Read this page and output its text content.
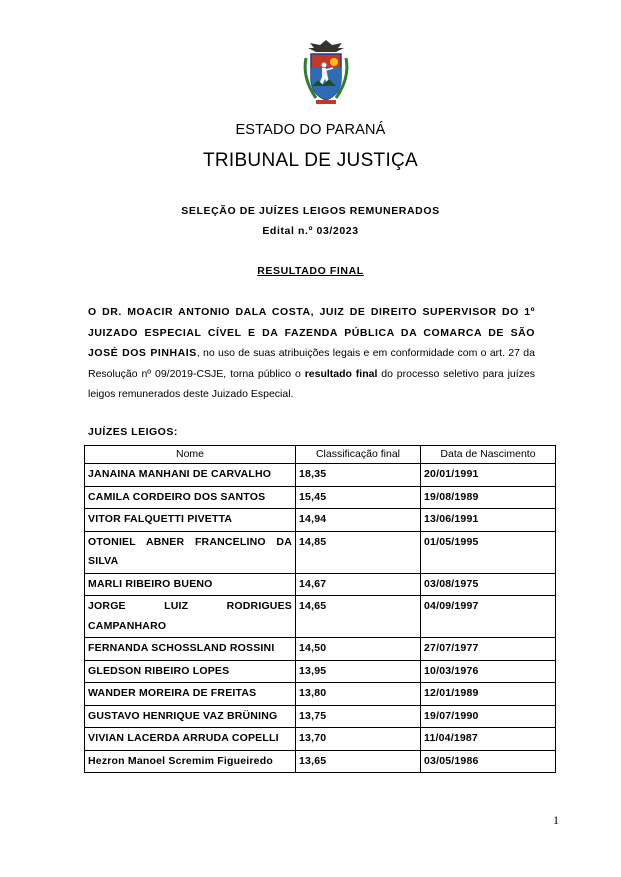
ESTADO DO PARANÁ
TRIBUNAL DE JUSTIÇA
SELEÇÃO DE JUÍZES LEIGOS REMUNERADOS
Edital n.º 03/2023
RESULTADO FINAL
O DR. MOACIR ANTONIO DALA COSTA, JUIZ DE DIREITO SUPERVISOR DO 1º JUIZADO ESPECIAL CÍVEL E DA FAZENDA PÚBLICA DA COMARCA DE SÃO JOSÉ DOS PINHAIS, no uso de suas atribuições legais e em conformidade com o art. 27 da Resolução nº 09/2019-CSJE, torna público o resultado final do processo seletivo para juízes leigos remunerados deste Juizado Especial.
JUÍZES LEIGOS:
Nome	Classificação final	Data de Nascimento
JANAINA MANHANI DE CARVALHO	18,35	20/01/1991
CAMILA CORDEIRO DOS SANTOS	15,45	19/08/1989
VITOR FALQUETTI PIVETTA	14,94	13/06/1991
OTONIEL ABNER FRANCELINO DA SILVA	14,85	01/05/1995
MARLI RIBEIRO BUENO	14,67	03/08/1975
JORGE LUIZ RODRIGUES CAMPANHARO	14,65	04/09/1997
FERNANDA SCHOSSLAND ROSSINI	14,50	27/07/1977
GLEDSON RIBEIRO LOPES	13,95	10/03/1976
WANDER MOREIRA DE FREITAS	13,80	12/01/1989
GUSTAVO HENRIQUE VAZ BRÜNING	13,75	19/07/1990
VIVIAN LACERDA ARRUDA COPELLI	13,70	11/04/1987
Hezron Manoel Scremim Figueiredo	13,65	03/05/1986
1
